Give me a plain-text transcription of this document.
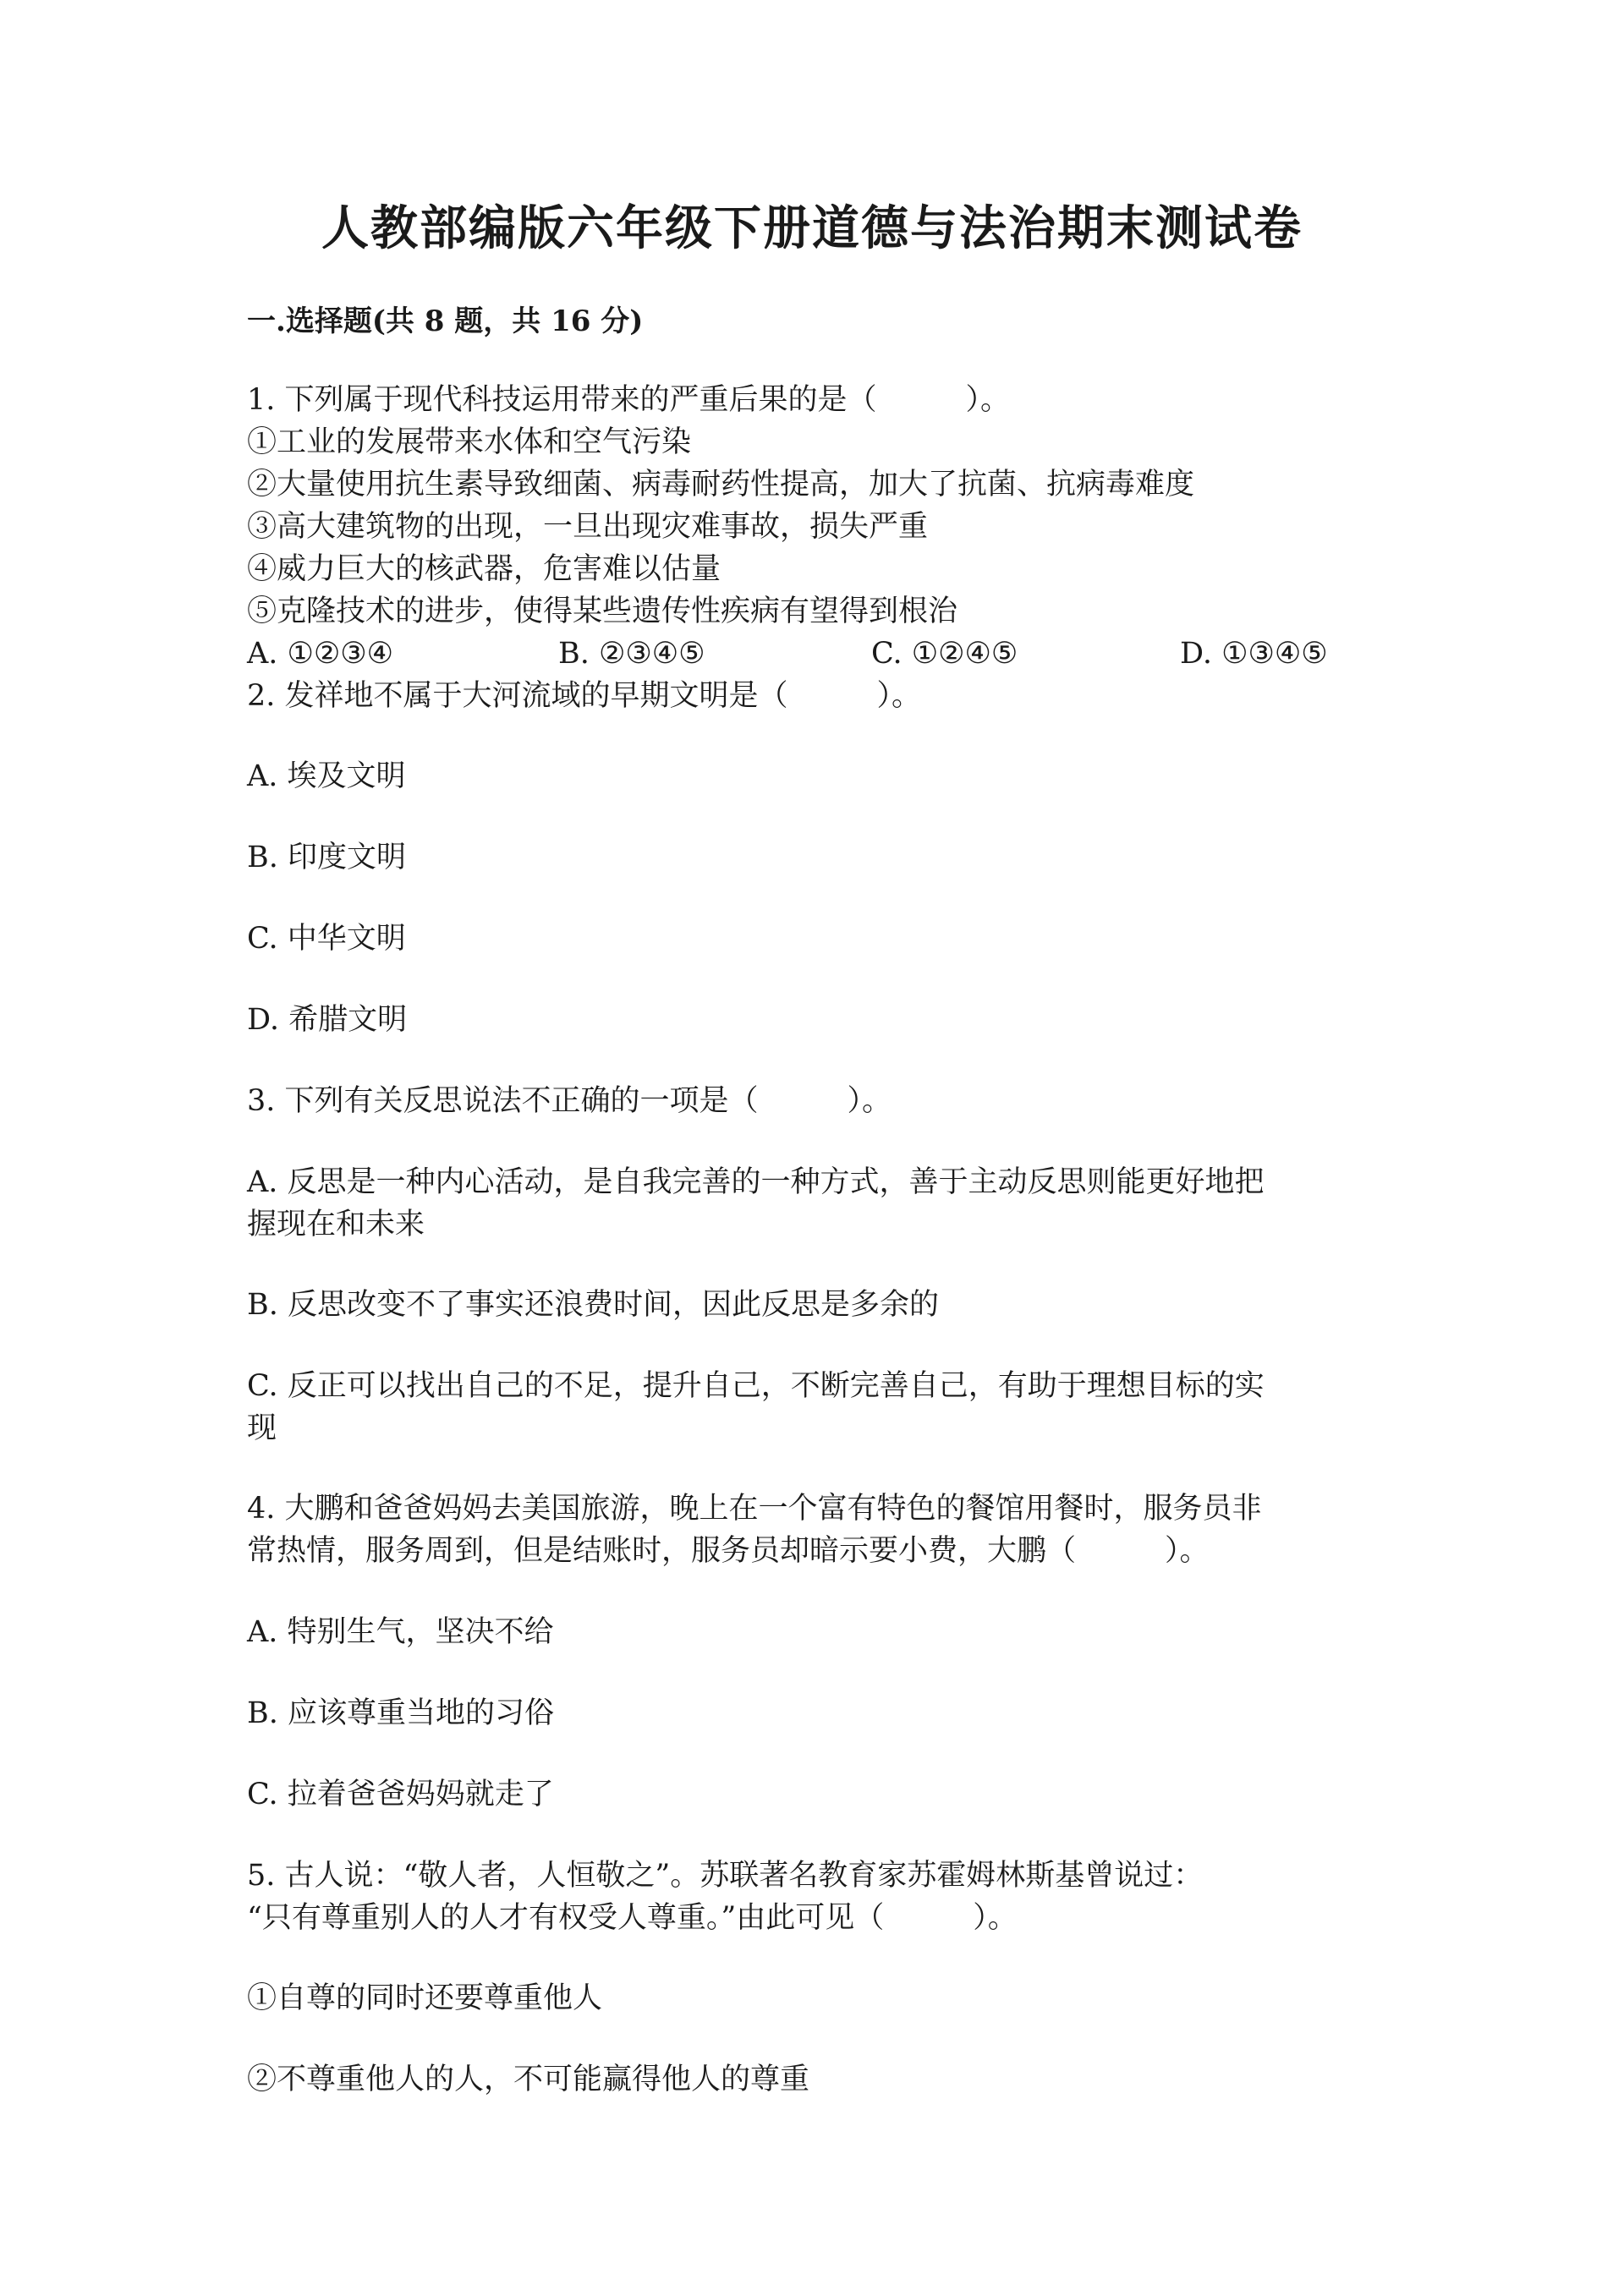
人教部编版六年级下册道德与法治期末测试卷
一.选择题(共 8 题，共 16 分)
1. 下列属于现代科技运用带来的严重后果的是（　　　）。
①工业的发展带来水体和空气污染
②大量使用抗生素导致细菌、病毒耐药性提高，加大了抗菌、抗病毒难度
③高大建筑物的出现，一旦出现灾难事故，损失严重
④威力巨大的核武器，危害难以估量
⑤克隆技术的进步，使得某些遗传性疾病有望得到根治
A. ①②③④	B. ②③④⑤	C. ①②④⑤	D. ①③④⑤
2. 发祥地不属于大河流域的早期文明是（　　　）。
A. 埃及文明
B. 印度文明
C. 中华文明
D. 希腊文明
3. 下列有关反思说法不正确的一项是（　　　）。
A. 反思是一种内心活动，是自我完善的一种方式，善于主动反思则能更好地把
握现在和未来
B. 反思改变不了事实还浪费时间，因此反思是多余的
C. 反正可以找出自己的不足，提升自己，不断完善自己，有助于理想目标的实
现
4. 大鹏和爸爸妈妈去美国旅游，晚上在一个富有特色的餐馆用餐时，服务员非
常热情，服务周到，但是结账时，服务员却暗示要小费，大鹏（　　　）。
A. 特别生气，坚决不给
B. 应该尊重当地的习俗
C. 拉着爸爸妈妈就走了
5. 古人说：“敬人者，人恒敬之”。苏联著名教育家苏霍姆林斯基曾说过：
“只有尊重别人的人才有权受人尊重。”由此可见（　　　）。
①自尊的同时还要尊重他人
②不尊重他人的人，不可能赢得他人的尊重
